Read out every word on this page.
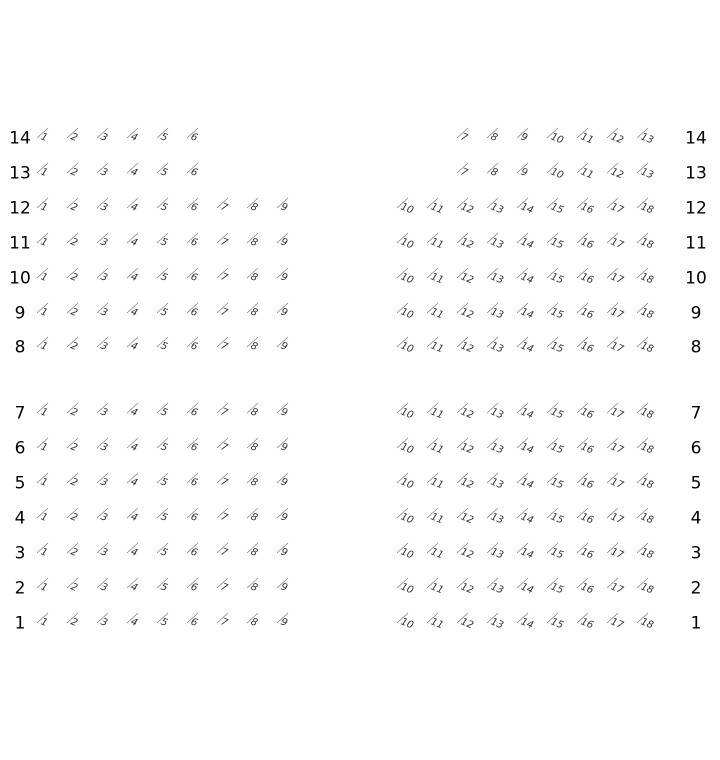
14 1 2 3 4 5 6	7 8 9 10 11 12 13 14
13 1 2 3 4 5 6	7 8 9 10 11 12 13 13
12 1 2 3 4 5 6 7 8 9	10 11 12 13 14 15 16 17 18 12
11 1 2 3 4 5 6 7 8 9	10 11 12 13 14 15 16 17 18 11
10 1 2 3 4 5 6 7 8 9	10 11 12 13 14 15 16 17 18 10
9 1 2 3 4 5 6 7 8 9	10 11 12 13 14 15 16 17 18 9
8 1 2 3 4 5 6 7 8 9	10 11 12 13 14 15 16 17 18 8
7 1 2 3 4 5 6 7 8 9	10 11 12 13 14 15 16 17 18 7
6 1 2 3 4 5 6 7 8 9	10 11 12 13 14 15 16 17 18 6
5 1 2 3 4 5 6 7 8 9	10 11 12 13 14 15 16 17 18 5
4 1 2 3 4 5 6 7 8 9	10 11 12 13 14 15 16 17 18 4
3 1 2 3 4 5 6 7 8 9	10 11 12 13 14 15 16 17 18 3
2 1 2 3 4 5 6 7 8 9	10 11 12 13 14 15 16 17 18 2
1 1 2 3 4 5 6 7 8 9	10 11 12 13 14 15 16 17 18 1
